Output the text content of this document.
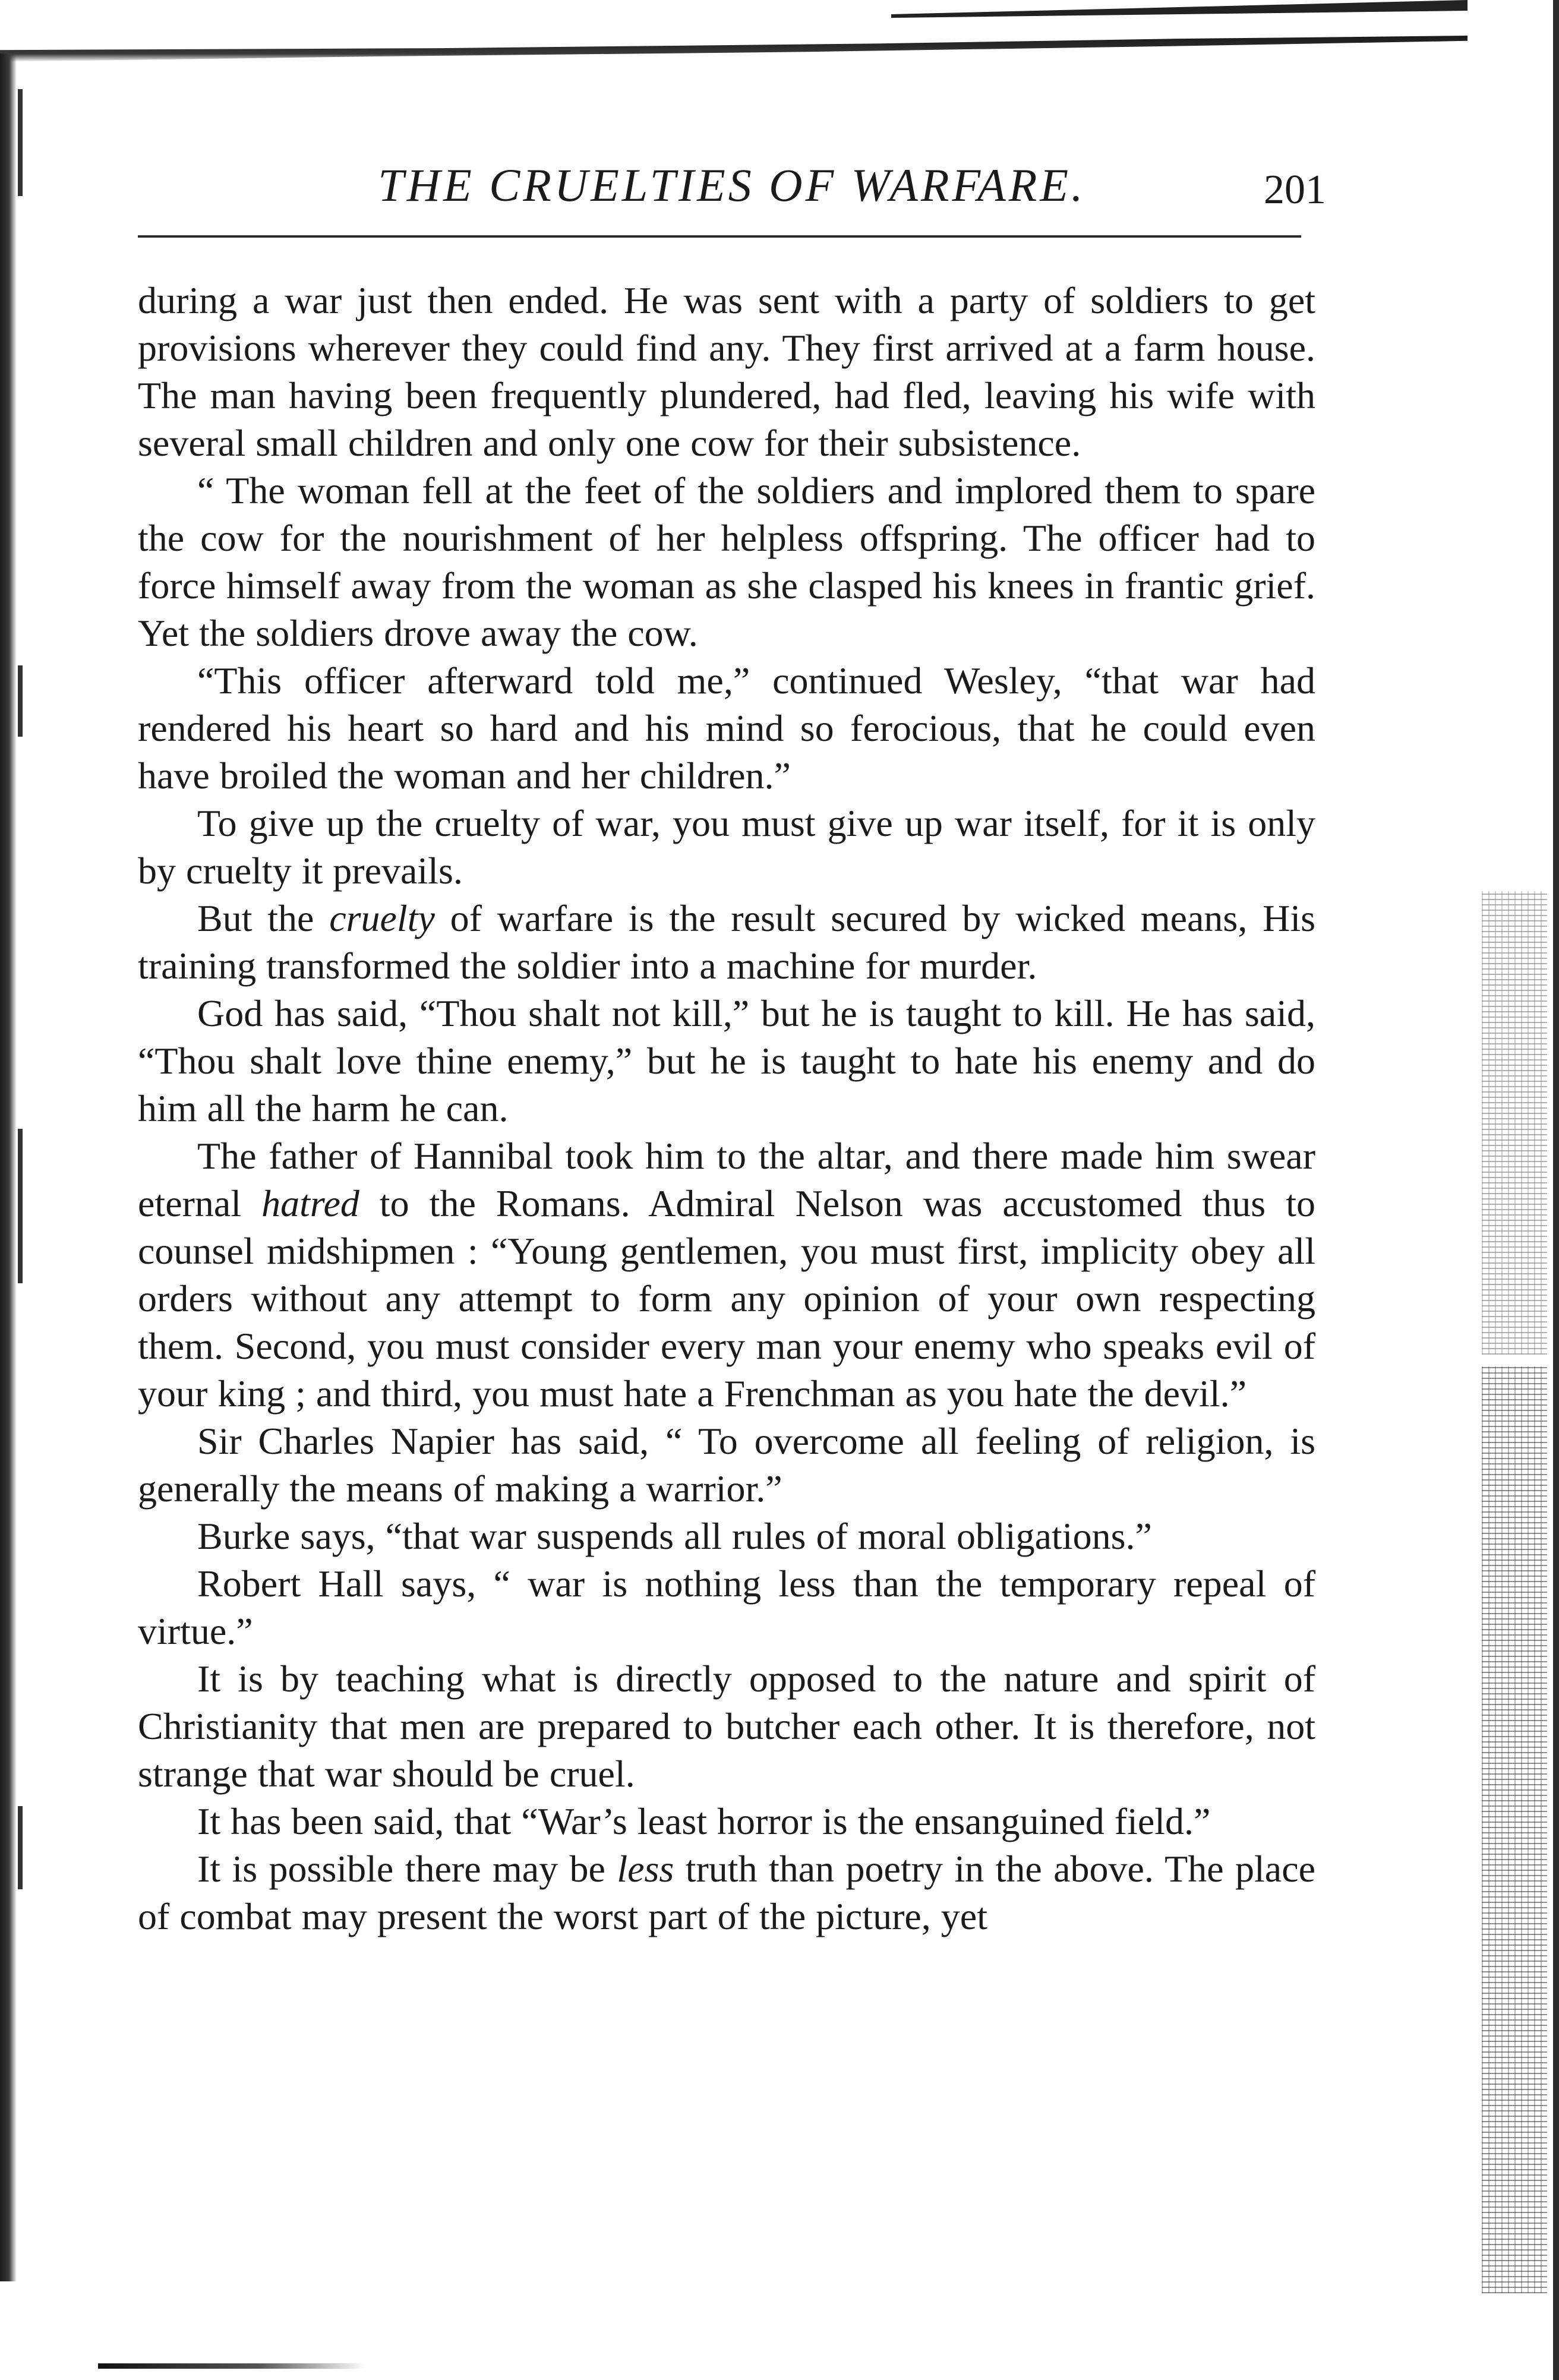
THE CRUELTIES OF WARFARE.	201

during a war just then ended. He was sent with a party of soldiers to get provisions wherever they could find any. They first arrived at a farm house. The man having been frequently plundered, had fled, leaving his wife with several small children and only one cow for their subsistence.

“ The woman fell at the feet of the soldiers and implored them to spare the cow for the nourishment of her helpless offspring. The officer had to force himself away from the woman as she clasped his knees in frantic grief. Yet the soldiers drove away the cow.

“This officer afterward told me,” continued Wesley, “that war had rendered his heart so hard and his mind so ferocious, that he could even have broiled the woman and her children.”

To give up the cruelty of war, you must give up war itself, for it is only by cruelty it prevails.

But the cruelty of warfare is the result secured by wicked means, His training transformed the soldier into a machine for murder.

God has said, “Thou shalt not kill,” but he is taught to kill. He has said, “Thou shalt love thine enemy,” but he is taught to hate his enemy and do him all the harm he can.

The father of Hannibal took him to the altar, and there made him swear eternal hatred to the Romans. Admiral Nelson was accustomed thus to counsel midshipmen : “Young gentlemen, you must first, implicity obey all orders without any attempt to form any opinion of your own respecting them. Second, you must consider every man your enemy who speaks evil of your king ; and third, you must hate a Frenchman as you hate the devil.”

Sir Charles Napier has said, “ To overcome all feeling of religion, is generally the means of making a warrior.”

Burke says, “that war suspends all rules of moral obligations.”

Robert Hall says, “ war is nothing less than the temporary repeal of virtue.”

It is by teaching what is directly opposed to the nature and spirit of Christianity that men are prepared to butcher each other. It is therefore, not strange that war should be cruel.

It has been said, that “War’s least horror is the ensanguined field.”

It is possible there may be less truth than poetry in the above. The place of combat may present the worst part of the picture, yet
